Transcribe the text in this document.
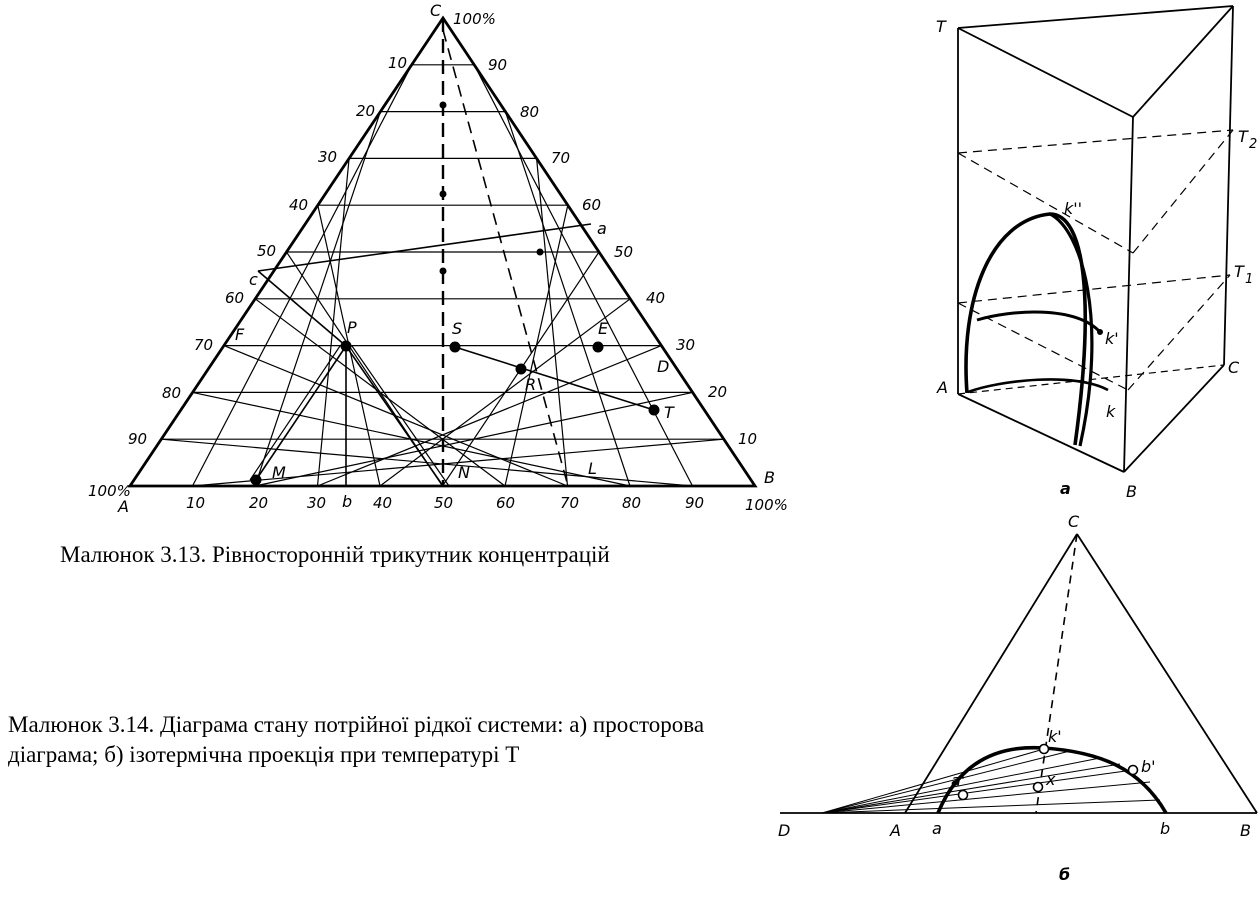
C 100%
A
100%
B
100%
10
20
30
40
50
60
70
80
90
90
80
70
60
50
40
30
20
10
10	20	30	40	50	60	70	80	90
M	N	L
P	S
R
T
E
D
F
c
a
b
T
T 2
T 1
A
B
C
k''
k'
k
a
C
D	A	B
a	b
a'
b'
k'
x
б

Малюнок 3.13. Рівносторонній трикутник концентрацій

Малюнок 3.14. Діаграма стану потрійної рідкої системи: а) просторова діаграма; б) ізотермічна проекція при температурі Т
